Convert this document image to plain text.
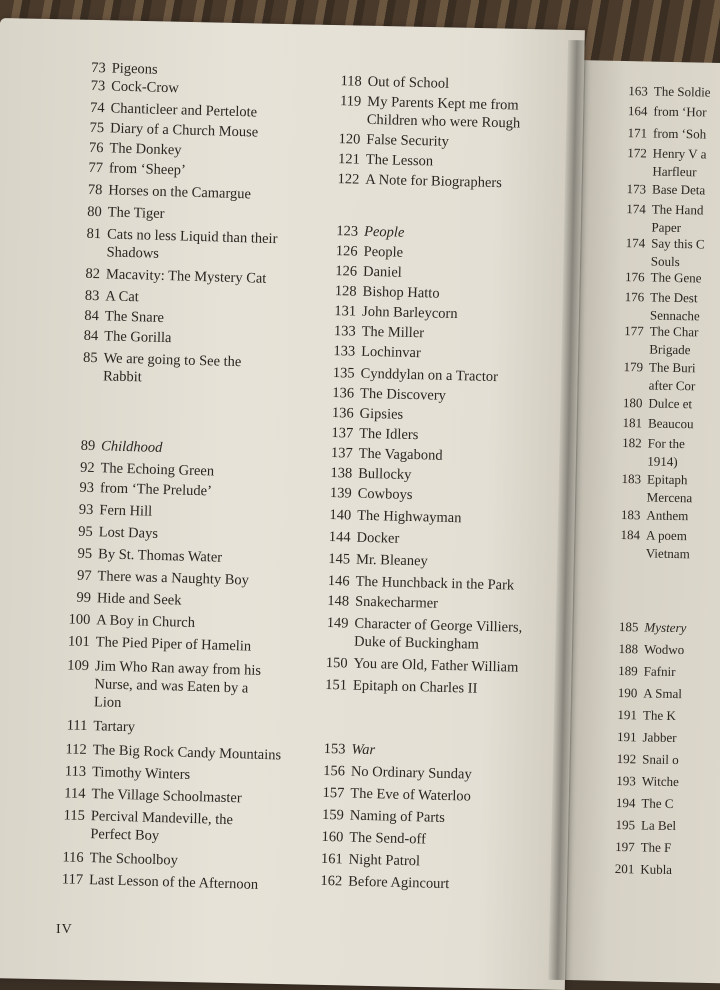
73 Pigeons
73 Cock-Crow
74 Chanticleer and Pertelote
75 Diary of a Church Mouse
76 The Donkey
77 from ‘Sheep’
78 Horses on the Camargue
80 The Tiger
81 Cats no less Liquid than their
Shadows
82 Macavity: The Mystery Cat
83 A Cat
84 The Snare
84 The Gorilla
85 We are going to See the
Rabbit
89 Childhood
92 The Echoing Green
93 from ‘The Prelude’
93 Fern Hill
95 Lost Days
95 By St. Thomas Water
97 There was a Naughty Boy
99 Hide and Seek
100 A Boy in Church
101 The Pied Piper of Hamelin
109 Jim Who Ran away from his
Nurse, and was Eaten by a
Lion
111 Tartary
112 The Big Rock Candy Mountains
113 Timothy Winters
114 The Village Schoolmaster
115 Percival Mandeville, the
Perfect Boy
116 The Schoolboy
117 Last Lesson of the Afternoon
118 Out of School
119 My Parents Kept me from
Children who were Rough
120 False Security
121 The Lesson
122 A Note for Biographers
123 People
126 People
126 Daniel
128 Bishop Hatto
131 John Barleycorn
133 The Miller
133 Lochinvar
135 Cynddylan on a Tractor
136 The Discovery
136 Gipsies
137 The Idlers
137 The Vagabond
138 Bullocky
139 Cowboys
140 The Highwayman
144 Docker
145 Mr. Bleaney
146 The Hunchback in the Park
148 Snakecharmer
149 Character of George Villiers,
Duke of Buckingham
150 You are Old, Father William
151 Epitaph on Charles II
153 War
156 No Ordinary Sunday
157 The Eve of Waterloo
159 Naming of Parts
160 The Send-off
161 Night Patrol
162 Before Agincourt
163 The Soldie
164 from ‘Hor
171 from ‘Soh
172 Henry V a
Harfleur
173 Base Deta
174 The Hand
Paper
174 Say this C
Souls
176 The Gene
176 The Dest
Sennache
177 The Char
Brigade
179 The Buri
after Cor
180 Dulce et
181 Beaucou
182 For the
1914)
183 Epitaph
Mercena
183 Anthem
184 A poem
Vietnam
185 Mystery
188 Wodwo
189 Fafnir
190 A Smal
191 The K
191 Jabber
192 Snail o
193 Witche
194 The C
195 La Bel
197 The F
201 Kubla
IV
